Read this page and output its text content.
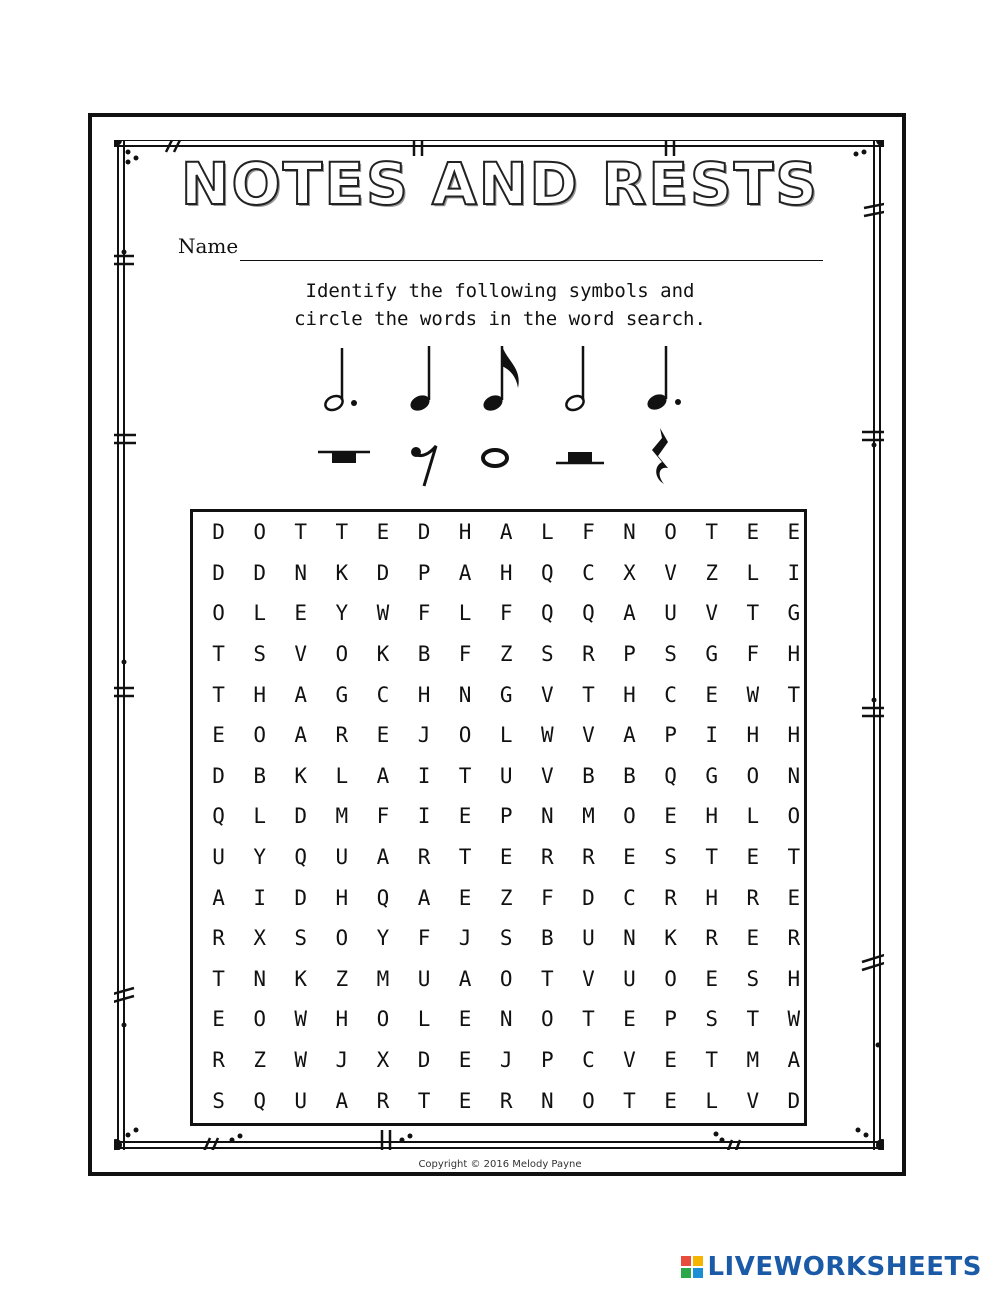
NOTES AND RESTS
Name
Identify the following symbols and
circle the words in the word search.
D	O	T	T	E	D	H	A	L	F	N	O	T	E	E
D	D	N	K	D	P	A	H	Q	C	X	V	Z	L	I
O	L	E	Y	W	F	L	F	Q	Q	A	U	V	T	G
T	S	V	O	K	B	F	Z	S	R	P	S	G	F	H
T	H	A	G	C	H	N	G	V	T	H	C	E	W	T
E	O	A	R	E	J	O	L	W	V	A	P	I	H	H
D	B	K	L	A	I	T	U	V	B	B	Q	G	O	N
Q	L	D	M	F	I	E	P	N	M	O	E	H	L	O
U	Y	Q	U	A	R	T	E	R	R	E	S	T	E	T
A	I	D	H	Q	A	E	Z	F	D	C	R	H	R	E
R	X	S	O	Y	F	J	S	B	U	N	K	R	E	R
T	N	K	Z	M	U	A	O	T	V	U	O	E	S	H
E	O	W	H	O	L	E	N	O	T	E	P	S	T	W
R	Z	W	J	X	D	E	J	P	C	V	E	T	M	A
S	Q	U	A	R	T	E	R	N	O	T	E	L	V	D
Copyright © 2016 Melody Payne
LIVEWORKSHEETS
